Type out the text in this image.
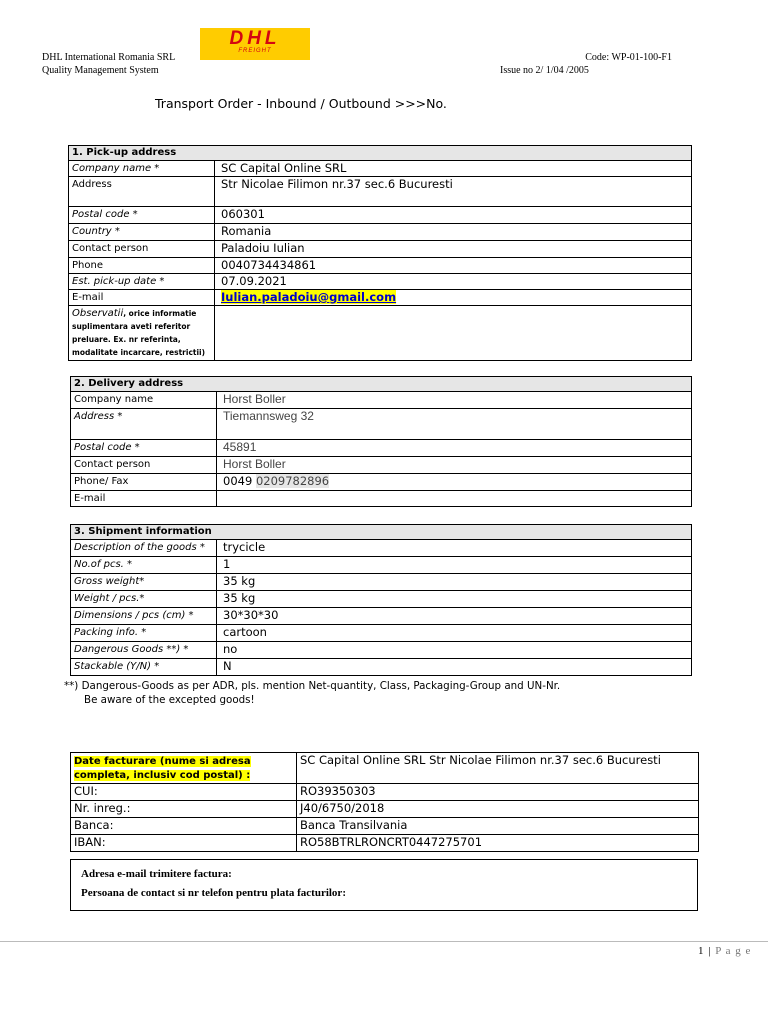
DHL International Romania SRL
Quality Management System
DHL
FREIGHT
Code: WP-01-100-F1
Issue no 2/ 1/04 /2005
Transport Order - Inbound / Outbound >>>No.
1. Pick-up address	
Company name *	SC Capital Online SRL
Address	Str Nicolae Filimon nr.37 sec.6 Bucuresti
Postal code *	060301
Country *	Romania
Contact person	Paladoiu Iulian
Phone	0040734434861
Est. pick-up date *	07.09.2021
E-mail	Iulian.paladoiu@gmail.com
Observatii, orice informatie suplimentara aveti referitor preluare. Ex. nr referinta, modalitate incarcare, restrictii)	
2. Delivery address	
Company name	Horst Boller
Address *	Tiemannsweg 32
Postal code *	45891
Contact person	Horst Boller
Phone/ Fax	0049 0209782896
E-mail	
3. Shipment information	
Description of the goods *	trycicle
No.of pcs. *	1
Gross weight*	35 kg
Weight / pcs.*	35 kg
Dimensions / pcs (cm) *	30*30*30
Packing info. *	cartoon
Dangerous Goods **) *	no
Stackable (Y/N) *	N
**) Dangerous-Goods as per ADR, pls. mention Net-quantity, Class, Packaging-Group and UN-Nr.
Be aware of the excepted goods!
Date facturare (nume si adresa completa, inclusiv cod postal) :	SC Capital Online SRL Str Nicolae Filimon nr.37 sec.6 Bucuresti
CUI:	RO39350303
Nr. inreg.:	J40/6750/2018
Banca:	Banca Transilvania
IBAN:	RO58BTRLRONCRT0447275701
Adresa e-mail trimitere factura:
Persoana de contact si nr telefon pentru plata facturilor:
1 | P a g e
